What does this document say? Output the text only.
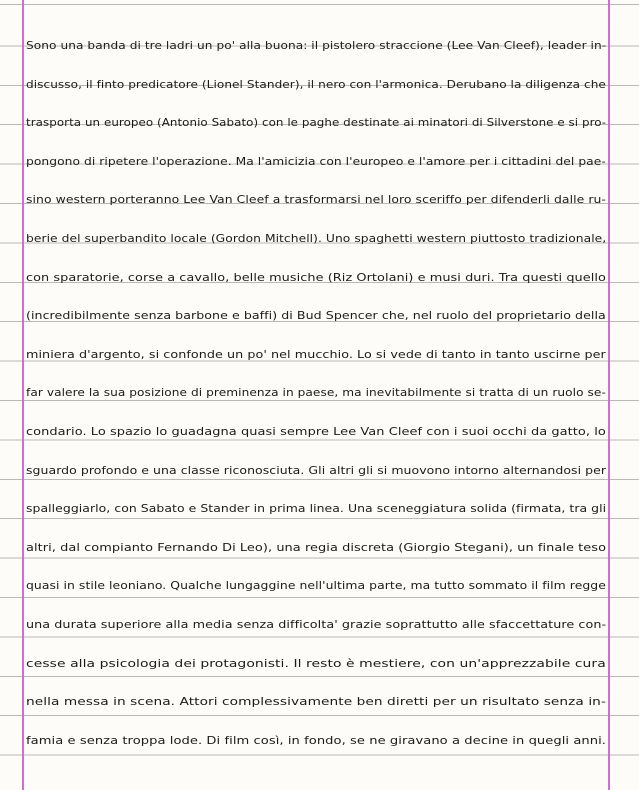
Sono una banda di tre ladri un po' alla buona: il pistolero straccione (Lee Van Cleef), leader in-
discusso, il finto predicatore (Lionel Stander), il nero con l'armonica. Derubano la diligenza che
trasporta un europeo (Antonio Sabato) con le paghe destinate ai minatori di Silverstone e si pro-
pongono di ripetere l'operazione. Ma l'amicizia con l'europeo e l'amore per i cittadini del pae-
sino western porteranno Lee Van Cleef a trasformarsi nel loro sceriffo per difenderli dalle ru-
berie del superbandito locale (Gordon Mitchell). Uno spaghetti western piuttosto tradizionale,
con sparatorie, corse a cavallo, belle musiche (Riz Ortolani) e musi duri. Tra questi quello
(incredibilmente senza barbone e baffi) di Bud Spencer che, nel ruolo del proprietario della
miniera d'argento, si confonde un po' nel mucchio. Lo si vede di tanto in tanto uscirne per
far valere la sua posizione di preminenza in paese, ma inevitabilmente si tratta di un ruolo se-
condario. Lo spazio lo guadagna quasi sempre Lee Van Cleef con i suoi occhi da gatto, lo
sguardo profondo e una classe riconosciuta. Gli altri gli si muovono intorno alternandosi per
spalleggiarlo, con Sabato e Stander in prima linea. Una sceneggiatura solida (firmata, tra gli
altri, dal compianto Fernando Di Leo), una regia discreta (Giorgio Stegani), un finale teso
quasi in stile leoniano. Qualche lungaggine nell'ultima parte, ma tutto sommato il film regge
una durata superiore alla media senza difficolta' grazie soprattutto alle sfaccettature con-
cesse alla psicologia dei protagonisti. Il resto è mestiere, con un'apprezzabile cura
nella messa in scena. Attori complessivamente ben diretti per un risultato senza in-
famia e senza troppa lode. Di film così, in fondo, se ne giravano a decine in quegli anni.
